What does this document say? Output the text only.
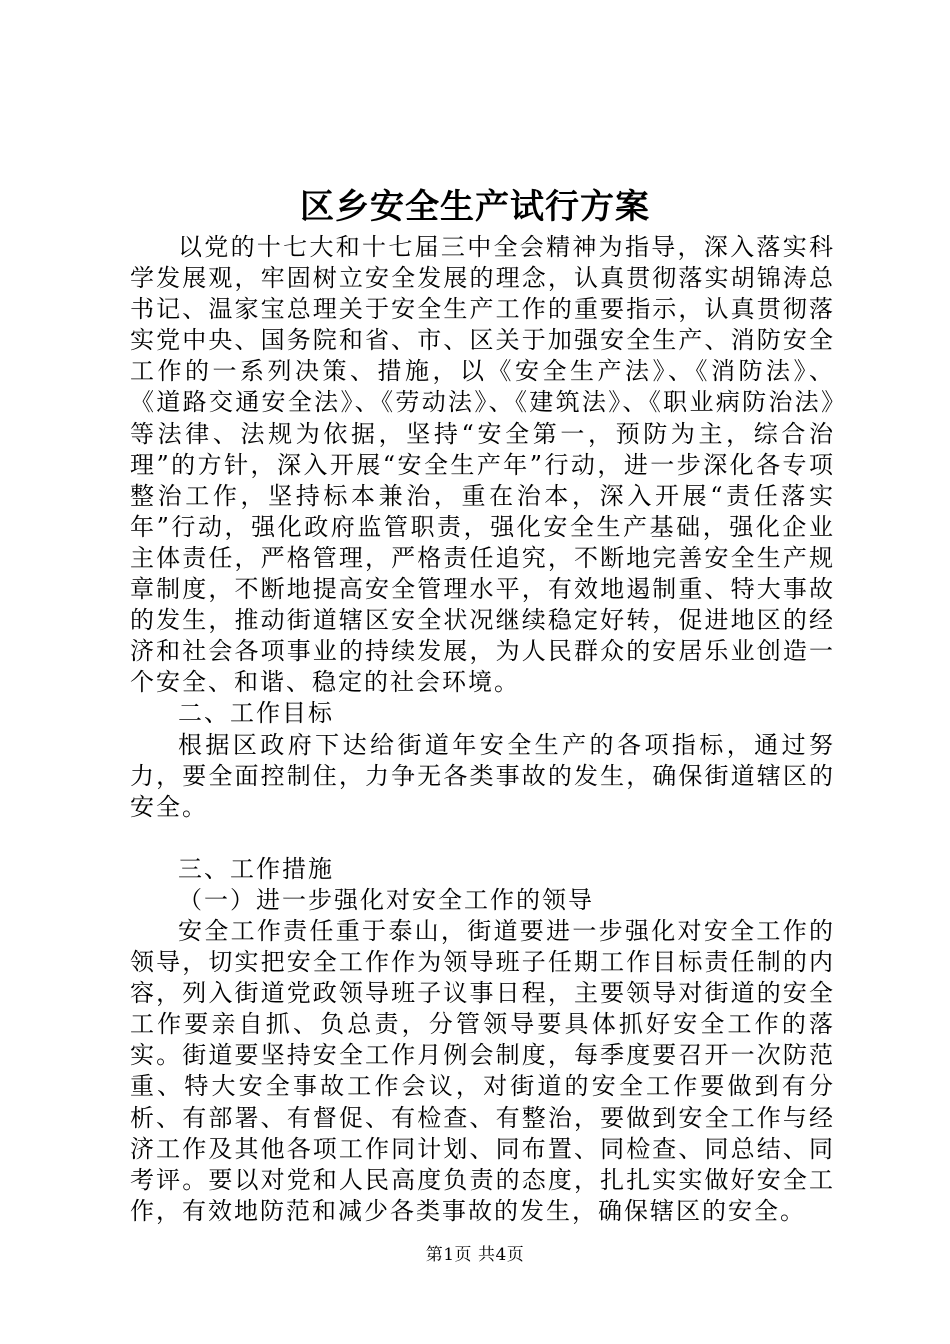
区乡安全生产试行方案

以党的十七大和十七届三中全会精神为指导，深入落实科学发展观，牢固树立安全发展的理念，认真贯彻落实胡锦涛总书记、温家宝总理关于安全生产工作的重要指示，认真贯彻落实党中央、国务院和省、市、区关于加强安全生产、消防安全工作的一系列决策、措施，以《安全生产法》、《消防法》、《道路交通安全法》、《劳动法》、《建筑法》、《职业病防治法》等法律、法规为依据，坚持“安全第一，预防为主，综合治理”的方针，深入开展“安全生产年”行动，进一步深化各专项整治工作，坚持标本兼治，重在治本，深入开展“责任落实年”行动，强化政府监管职责，强化安全生产基础，强化企业主体责任，严格管理，严格责任追究，不断地完善安全生产规章制度，不断地提高安全管理水平，有效地遏制重、特大事故的发生，推动街道辖区安全状况继续稳定好转，促进地区的经济和社会各项事业的持续发展，为人民群众的安居乐业创造一个安全、和谐、稳定的社会环境。

二、工作目标

根据区政府下达给街道年安全生产的各项指标，通过努力，要全面控制住，力争无各类事故的发生，确保街道辖区的安全。

三、工作措施

（一）进一步强化对安全工作的领导

安全工作责任重于泰山，街道要进一步强化对安全工作的领导，切实把安全工作作为领导班子任期工作目标责任制的内容，列入街道党政领导班子议事日程，主要领导对街道的安全工作要亲自抓、负总责，分管领导要具体抓好安全工作的落实。街道要坚持安全工作月例会制度，每季度要召开一次防范重、特大安全事故工作会议，对街道的安全工作要做到有分析、有部署、有督促、有检查、有整治，要做到安全工作与经济工作及其他各项工作同计划、同布置、同检查、同总结、同考评。要以对党和人民高度负责的态度，扎扎实实做好安全工作，有效地防范和减少各类事故的发生，确保辖区的安全。

第1页 共4页
